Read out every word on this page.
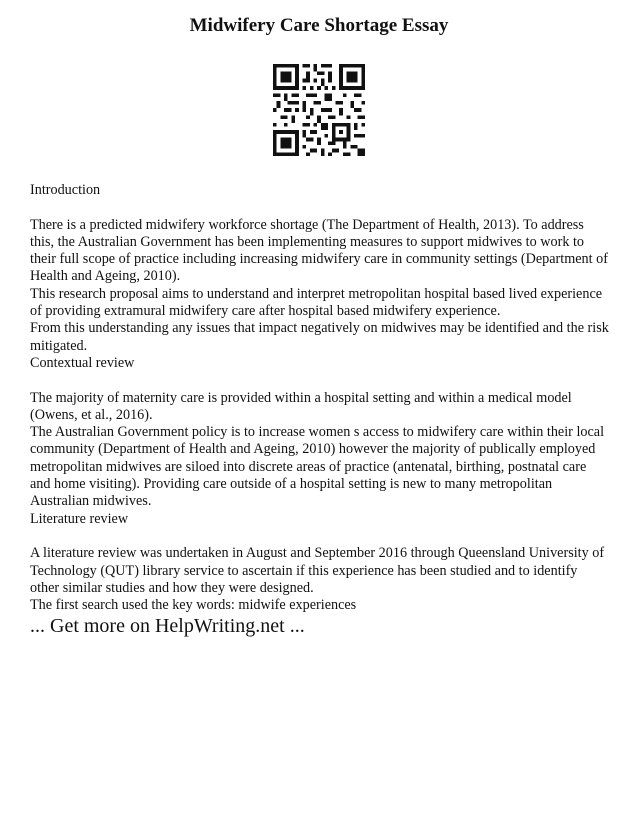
Midwifery Care Shortage Essay

Introduction

There is a predicted midwifery workforce shortage (The Department of Health, 2013). To address this, the Australian Government has been implementing measures to support midwives to work to their full scope of practice including increasing midwifery care in community settings (Department of Health and Ageing, 2010).

This research proposal aims to understand and interpret metropolitan hospital based lived experience of providing extramural midwifery care after hospital based midwifery experience.

From this understanding any issues that impact negatively on midwives may be identified and the risk mitigated.

Contextual review

The majority of maternity care is provided within a hospital setting and within a medical model (Owens, et al., 2016).

The Australian Government policy is to increase women s access to midwifery care within their local community (Department of Health and Ageing, 2010) however the majority of publically employed metropolitan midwives are siloed into discrete areas of practice (antenatal, birthing, postnatal care and home visiting). Providing care outside of a hospital setting is new to many metropolitan Australian midwives.

Literature review

A literature review was undertaken in August and September 2016 through Queensland University of Technology (QUT) library service to ascertain if this experience has been studied and to identify other similar studies and how they were designed.

The first search used the key words: midwife experiences

... Get more on HelpWriting.net ...
